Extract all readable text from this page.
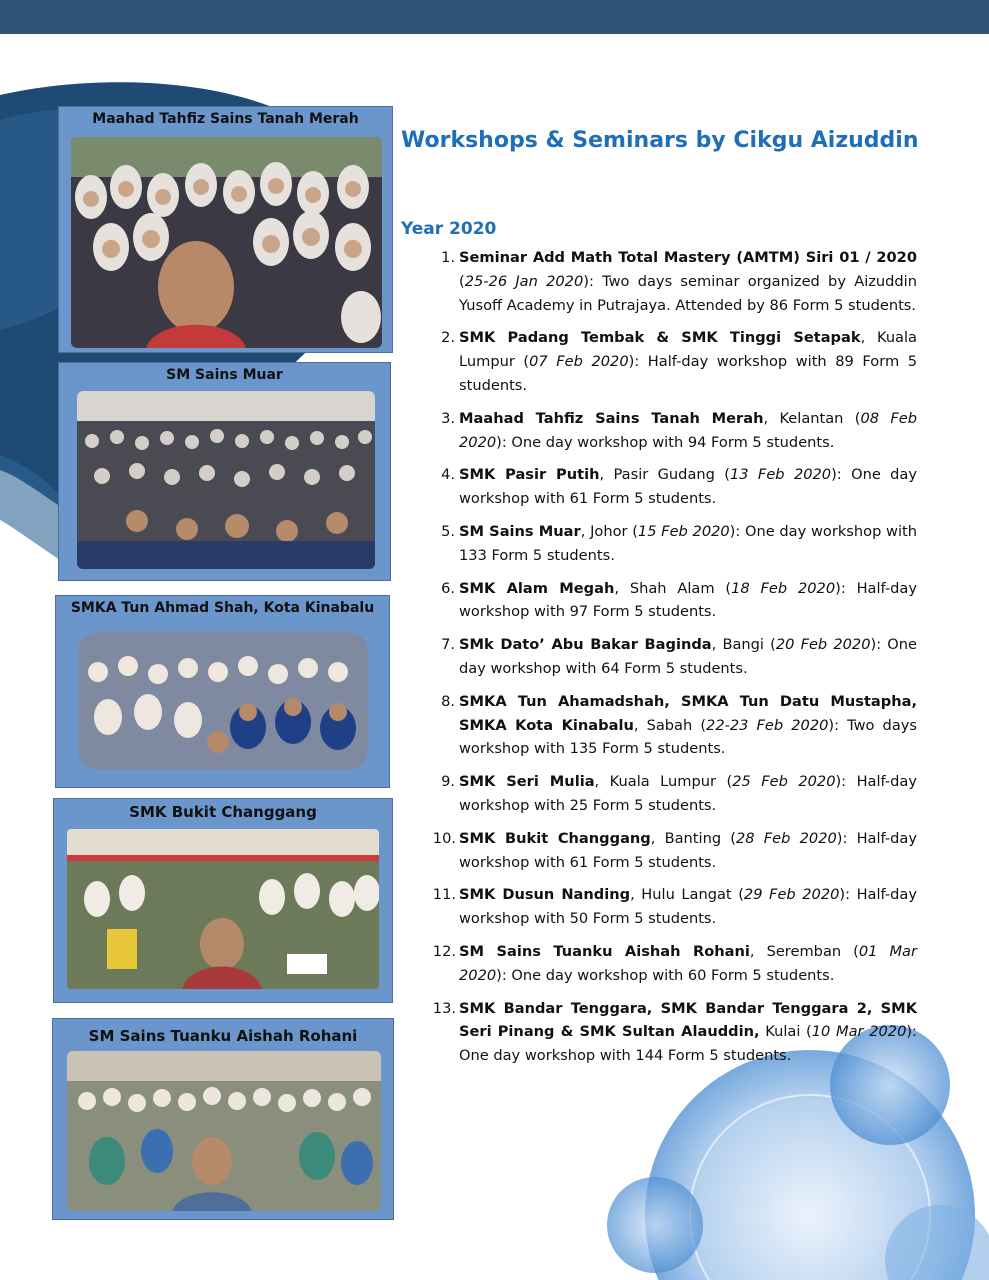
Maahad Tahfiz Sains Tanah Merah
SM Sains Muar
SMKA Tun Ahmad Shah, Kota Kinabalu
SMK Bukit Changgang
SM Sains Tuanku Aishah Rohani
Workshops & Seminars by Cikgu Aizuddin
Year 2020
1. Seminar Add Math Total Mastery (AMTM) Siri 01 / 2020 (25-26 Jan 2020): Two days seminar organized by Aizuddin Yusoff Academy in Putrajaya. Attended by 86 Form 5 students.
2. SMK Padang Tembak & SMK Tinggi Setapak, Kuala Lumpur (07 Feb 2020): Half-day workshop with 89 Form 5 students.
3. Maahad Tahfiz Sains Tanah Merah, Kelantan (08 Feb 2020): One day workshop with 94 Form 5 students.
4. SMK Pasir Putih, Pasir Gudang (13 Feb 2020): One day workshop with 61 Form 5 students.
5. SM Sains Muar, Johor (15 Feb 2020): One day workshop with 133 Form 5 students.
6. SMK Alam Megah, Shah Alam (18 Feb 2020): Half-day workshop with 97 Form 5 students.
7. SMk Dato’ Abu Bakar Baginda, Bangi (20 Feb 2020): One day workshop with 64 Form 5 students.
8. SMKA Tun Ahamadshah, SMKA Tun Datu Mustapha, SMKA Kota Kinabalu, Sabah (22-23 Feb 2020): Two days workshop with 135 Form 5 students.
9. SMK Seri Mulia, Kuala Lumpur (25 Feb 2020): Half-day workshop with 25 Form 5 students.
10. SMK Bukit Changgang, Banting (28 Feb 2020): Half-day workshop with 61 Form 5 students.
11. SMK Dusun Nanding, Hulu Langat (29 Feb 2020): Half-day workshop with 50 Form 5 students.
12. SM Sains Tuanku Aishah Rohani, Seremban (01 Mar 2020): One day workshop with 60 Form 5 students.
13. SMK Bandar Tenggara, SMK Bandar Tenggara 2, SMK Seri Pinang & SMK Sultan Alauddin, Kulai (10 Mar 2020): One day workshop with 144 Form 5 students.
